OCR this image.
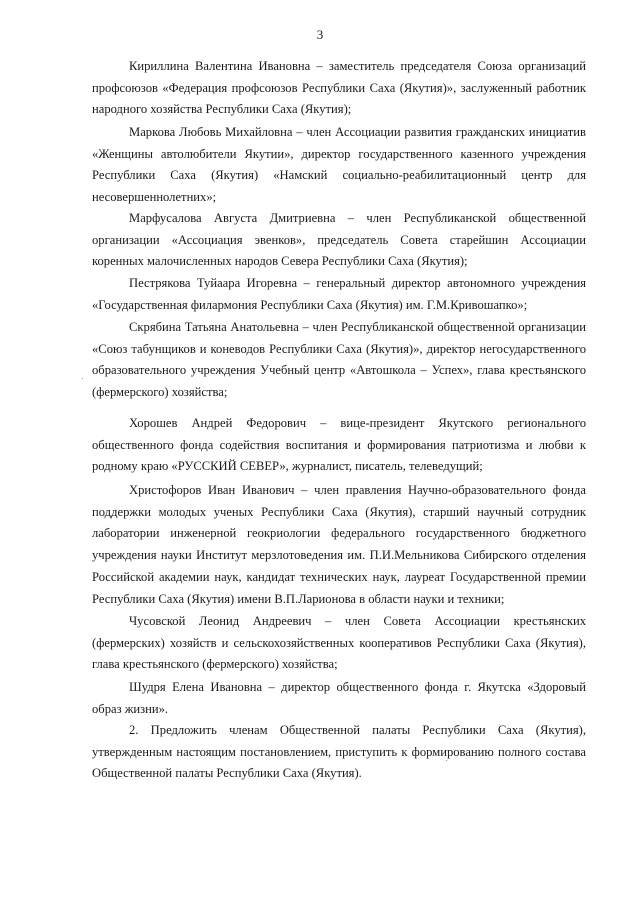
3

Кириллина Валентина Ивановна – заместитель председателя Союза организаций профсоюзов «Федерация профсоюзов Республики Саха (Якутия)», заслуженный работник народного хозяйства Республики Саха (Якутия);

Маркова Любовь Михайловна – член Ассоциации развития гражданских инициатив «Женщины автолюбители Якутии», директор государственного казенного учреждения Республики Саха (Якутия) «Намский социально-реабилитационный центр для несовершеннолетних»;

Марфусалова Августа Дмитриевна – член Республиканской общественной организации «Ассоциация эвенков», председатель Совета старейшин Ассоциации коренных малочисленных народов Севера Республики Саха (Якутия);

Пестрякова Туйаара Игоревна – генеральный директор автономного учреждения «Государственная филармония Республики Саха (Якутия) им. Г.М.Кривошапко»;

Скрябина Татьяна Анатольевна – член Республиканской общественной организации «Союз табунщиков и коневодов Республики Саха (Якутия)», директор негосударственного образовательного учреждения Учебный центр «Автошкола – Успех», глава крестьянского (фермерского) хозяйства;

Хорошев Андрей Федорович – вице-президент Якутского регионального общественного фонда содействия воспитания и формирования патриотизма и любви к родному краю «РУССКИЙ СЕВЕР», журналист, писатель, телеведущий;

Христофоров Иван Иванович – член правления Научно-образовательного фонда поддержки молодых ученых Республики Саха (Якутия), старший научный сотрудник лаборатории инженерной геокриологии федерального государственного бюджетного учреждения науки Институт мерзлотоведения им. П.И.Мельникова Сибирского отделения Российской академии наук, кандидат технических наук, лауреат Государственной премии Республики Саха (Якутия) имени В.П.Ларионова в области науки и техники;

Чусовской Леонид Андреевич – член Совета Ассоциации крестьянских (фермерских) хозяйств и сельскохозяйственных кооперативов Республики Саха (Якутия), глава крестьянского (фермерского) хозяйства;

Шудря Елена Ивановна – директор общественного фонда г. Якутска «Здоровый образ жизни».

2. Предложить членам Общественной палаты Республики Саха (Якутия), утвержденным настоящим постановлением, приступить к формированию полного состава Общественной палаты Республики Саха (Якутия).
